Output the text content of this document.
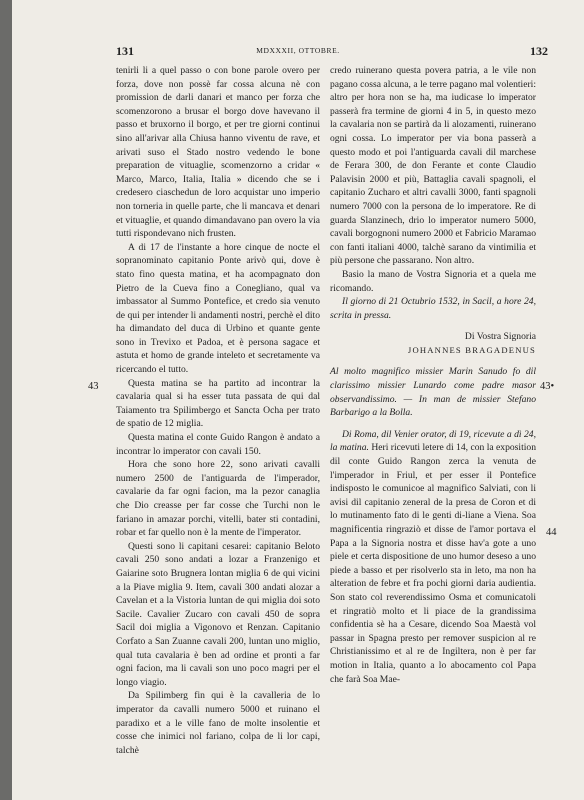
131	MDXXXII, OTTOBRE.	132
43	43•
44

tenirli li a quel passo o con bone parole overo per forza, dove non possè far cossa alcuna nè con promission de darli danari et manco per forza che scomenzorono a brusar el borgo dove havevano il passo et bruxorno il borgo, et per tre giorni continui sino all'arivar alla Chiusa hanno viventu de rave, et arivati suso el Stado nostro vedendo le bone preparation de vituaglie, scomenzorno a cridar « Marco, Marco, Italia, Italia » dicendo che se i credesero ciaschedun de loro acquistar uno imperio non torneria in quelle parte, che li mancava et denari et vituaglie, et quando dimandavano pan overo la via tutti rispondevano nich frusten.

A di 17 de l'instante a hore cinque de nocte el sopranominato capitanio Ponte arivò qui, dove è stato fino questa matina, et ha acompagnato don Pietro de la Cueva fino a Conegliano, qual va imbassator al Summo Pontefice, et credo sia venuto de qui per intender li andamenti nostri, perchè el dito ha dimandato del duca di Urbino et quante gente sono in Trevixo et Padoa, et è persona sagace et astuta et homo de grande inteleto et secretamente va ricercando el tutto.

Questa matina se ha partito ad incontrar la cavalaria qual si ha esser tuta passata de qui dal Taiamento tra Spilimbergo et Sancta Ocha per trato de spatio de 12 miglia.

Questa matina el conte Guido Rangon è andato a incontrar lo imperator con cavali 150.

Hora che sono hore 22, sono arivati cavalli numero 2500 de l'antiguarda de l'imperador, cavalarie da far ogni facion, ma la pezor canaglia che Dio creasse per far cosse che Turchi non le fariano in amazar porchi, vitelli, bater sti contadini, robar et far quello non è la mente de l'imperator.

Questi sono li capitani cesarei: capitanio Beloto cavali 250 sono andati a lozar a Franzenigo et Gaiarine soto Brugnera lontan miglia 6 de qui vicini a la Piave miglia 9. Item, cavali 300 andati alozar a Cavelan et a la Vistoria luntan de qui miglia doi soto Sacile. Cavalier Zucaro con cavali 450 de sopra Sacil doi miglia a Vigonovo et Renzan. Capitanio Corfato a San Zuanne cavali 200, luntan uno miglio, qual tuta cavalaria è ben ad ordine et pronti a far ogni facion, ma li cavali son uno poco magri per el longo viagio.

Da Spilimberg fin qui è la cavalleria de lo imperator da cavalli numero 5000 et ruinano el paradixo et a le ville fano de molte insolentie et cosse che inimici nol fariano, colpa de li lor capi, talchè

credo ruinerano questa povera patria, a le vile non pagano cossa alcuna, a le terre pagano mal volentieri: altro per hora non se ha, ma iudicase lo imperator passerà fra termine de giorni 4 in 5, in questo mezo la cavalaria non se partirà da li alozamenti, ruinerano ogni cossa. Lo imperator per via bona passerà a questo modo et poi l'antiguarda cavali dil marchese de Ferara 300, de don Ferante et conte Claudio Palavisin 2000 et più, Battaglia cavali spagnoli, el capitanio Zucharo et altri cavalli 3000, fanti spagnoli numero 7000 con la persona de lo imperatore. Re di guarda Slanzinech, drio lo imperator numero 5000, cavali borgognoni numero 2000 et Fabricio Maramao con fanti italiani 4000, talchè sarano da vintimilia et più persone che passarano. Non altro.

Basio la mano de Vostra Signoria et a quela me ricomando.

Il giorno di 21 Octubrio 1532, in Sacil, a hore 24, scrita in pressa.

Di Vostra Signoria

JOHANNES BRAGADENUS

Al molto magnifico missier Marin Sanudo fo dil clarissimo missier Lunardo come padre masor observandissimo. — In man de missier Stefano Barbarigo a la Bolla.

Di Roma, dil Venier orator, di 19, ricevute a dì 24, la matina. Heri ricevuti letere di 14, con la exposition dil conte Guido Rangon zerca la venuta de l'imperador in Friul, et per esser il Pontefice indisposto le comunicoe al magnifico Salviati, con li avisi dil capitanio zeneral de la presa de Coron et di lo mutinamento fato di le genti di-liane a Viena. Soa magnificentia ringraziò et disse de l'amor portava el Papa a la Signoria nostra et disse hav'a gote a uno piele et certa dispositione de uno humor deseso a uno piede a basso et per risolverlo sta in leto, ma non ha alteration de febre et fra pochi giorni daria audientia. Son stato col reverendissimo Osma et comunicatoli et ringratiò molto et li piace de la grandissima confidentia sè ha a Cesare, dicendo Soa Maestà vol passar in Spagna presto per remover suspicion al re Christianissimo et al re de Ingiltera, non è per far motion in Italia, quanto a lo abocamento col Papa che farà Soa Mae-
